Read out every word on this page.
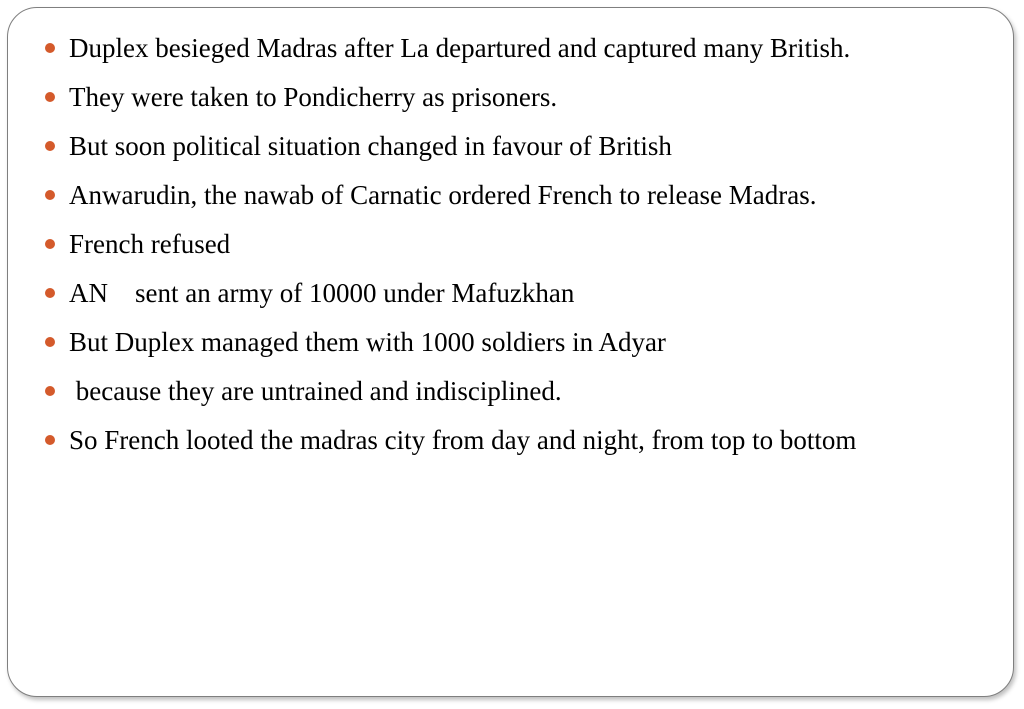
Duplex besieged Madras after La departured and captured many British.

They were taken to Pondicherry as prisoners.

But soon political situation changed in favour of British

Anwarudin, the nawab of Carnatic ordered French to release Madras.

French refused

AN    sent an army of 10000 under Mafuzkhan

But Duplex managed them with 1000 soldiers in Adyar

because they are untrained and indisciplined.

So French looted the madras city from day and night, from top to bottom
